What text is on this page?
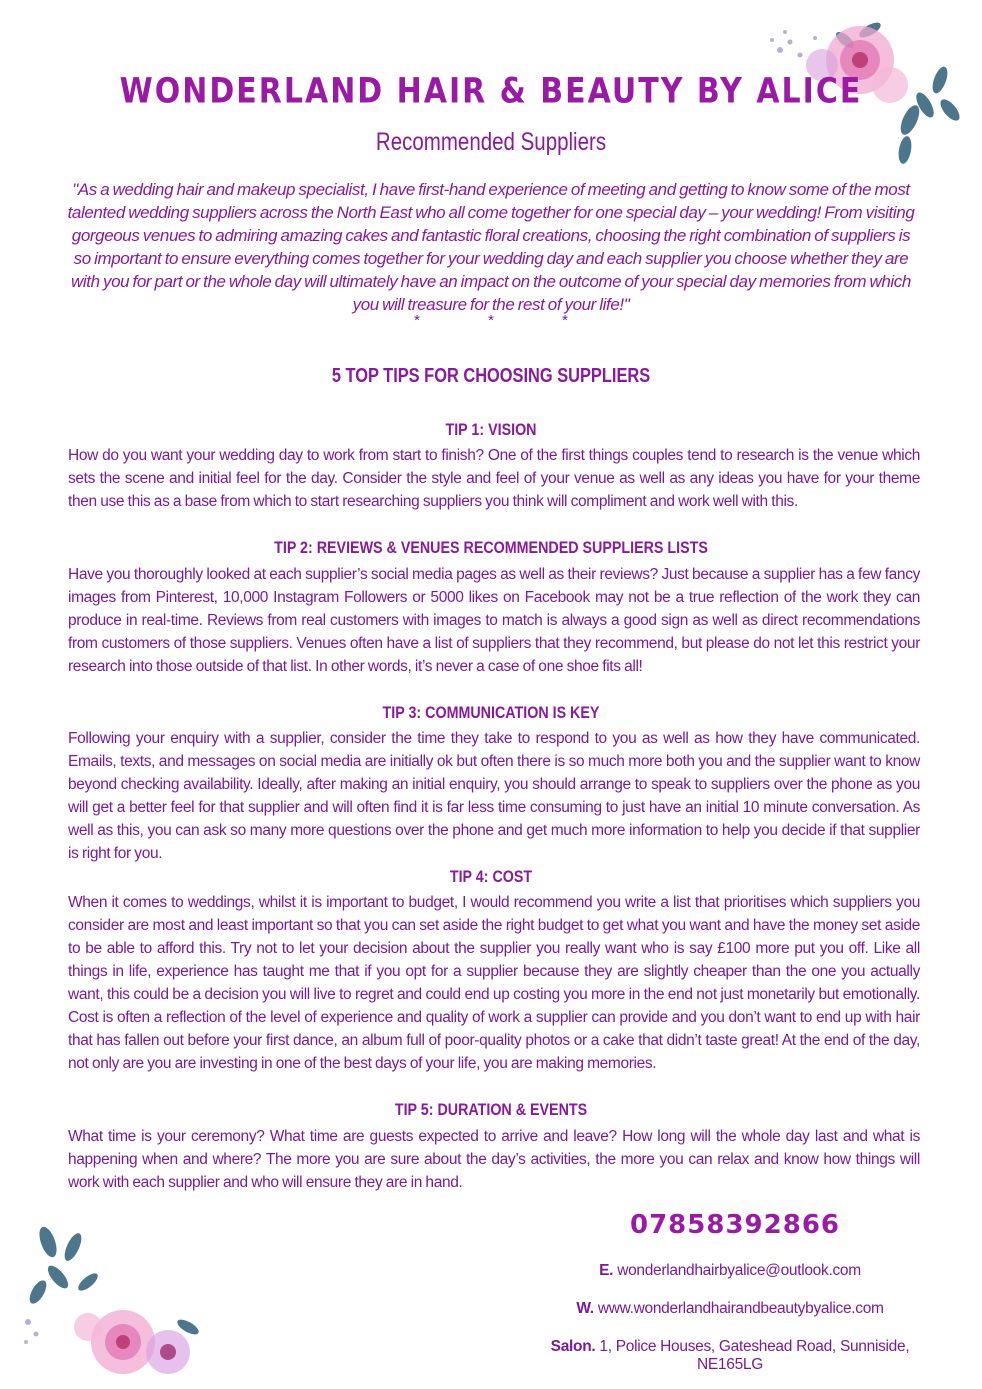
WONDERLAND HAIR & BEAUTY BY ALICE
Recommended Suppliers
"As a wedding hair and makeup specialist, I have first-hand experience of meeting and getting to know some of the most talented wedding suppliers across the North East who all come together for one special day – your wedding! From visiting gorgeous venues to admiring amazing cakes and fantastic floral creations, choosing the right combination of suppliers is so important to ensure everything comes together for your wedding day and each supplier you choose whether they are with you for part or the whole day will ultimately have an impact on the outcome of your special day memories from which you will treasure for the rest of your life!"
*	*	*
5 TOP TIPS FOR CHOOSING SUPPLIERS
TIP 1: VISION
How do you want your wedding day to work from start to finish? One of the first things couples tend to research is the venue which sets the scene and initial feel for the day. Consider the style and feel of your venue as well as any ideas you have for your theme then use this as a base from which to start researching suppliers you think will compliment and work well with this.
TIP 2: REVIEWS & VENUES RECOMMENDED SUPPLIERS LISTS
Have you thoroughly looked at each supplier’s social media pages as well as their reviews? Just because a supplier has a few fancy images from Pinterest, 10,000 Instagram Followers or 5000 likes on Facebook may not be a true reflection of the work they can produce in real-time. Reviews from real customers with images to match is always a good sign as well as direct recommendations from customers of those suppliers. Venues often have a list of suppliers that they recommend, but please do not let this restrict your research into those outside of that list. In other words, it’s never a case of one shoe fits all!
TIP 3: COMMUNICATION IS KEY
Following your enquiry with a supplier, consider the time they take to respond to you as well as how they have communicated. Emails, texts, and messages on social media are initially ok but often there is so much more both you and the supplier want to know beyond checking availability. Ideally, after making an initial enquiry, you should arrange to speak to suppliers over the phone as you will get a better feel for that supplier and will often find it is far less time consuming to just have an initial 10 minute conversation. As well as this, you can ask so many more questions over the phone and get much more information to help you decide if that supplier is right for you.
TIP 4: COST
When it comes to weddings, whilst it is important to budget, I would recommend you write a list that prioritises which suppliers you consider are most and least important so that you can set aside the right budget to get what you want and have the money set aside to be able to afford this. Try not to let your decision about the supplier you really want who is say £100 more put you off. Like all things in life, experience has taught me that if you opt for a supplier because they are slightly cheaper than the one you actually want, this could be a decision you will live to regret and could end up costing you more in the end not just monetarily but emotionally. Cost is often a reflection of the level of experience and quality of work a supplier can provide and you don’t want to end up with hair that has fallen out before your first dance, an album full of poor-quality photos or a cake that didn’t taste great! At the end of the day, not only are you are investing in one of the best days of your life, you are making memories.
TIP 5: DURATION & EVENTS
What time is your ceremony? What time are guests expected to arrive and leave? How long will the whole day last and what is happening when and where? The more you are sure about the day’s activities, the more you can relax and know how things will work with each supplier and who will ensure they are in hand.
07858392866
E. wonderlandhairbyalice@outlook.com
W. www.wonderlandhairandbeautybyalice.com
Salon. 1, Police Houses, Gateshead Road, Sunniside, NE165LG
